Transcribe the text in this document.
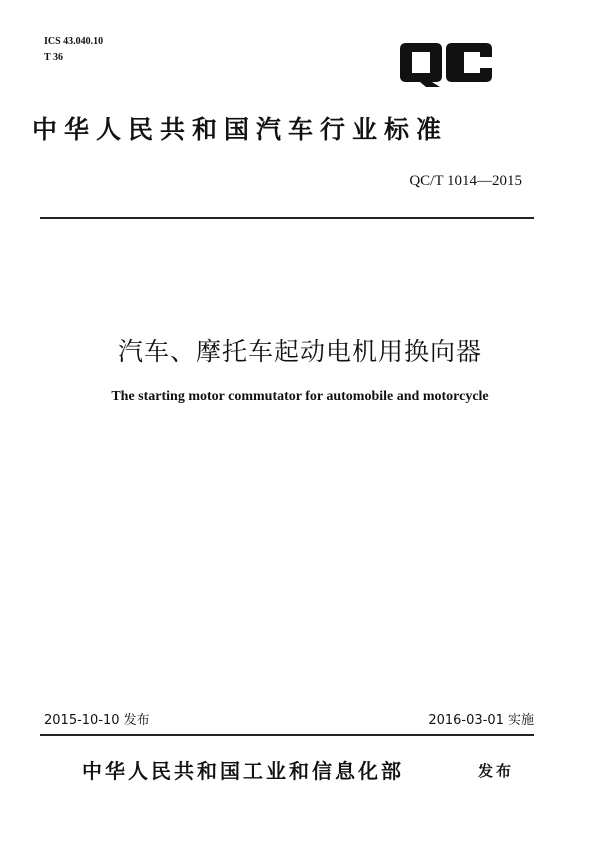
ICS 43.040.10
T 36
中华人民共和国汽车行业标准
QC/T 1014—2015
汽车、摩托车起动电机用换向器
The starting motor commutator for automobile and motorcycle
2015-10-10 发布	2016-03-01 实施
中华人民共和国工业和信息化部	发布
